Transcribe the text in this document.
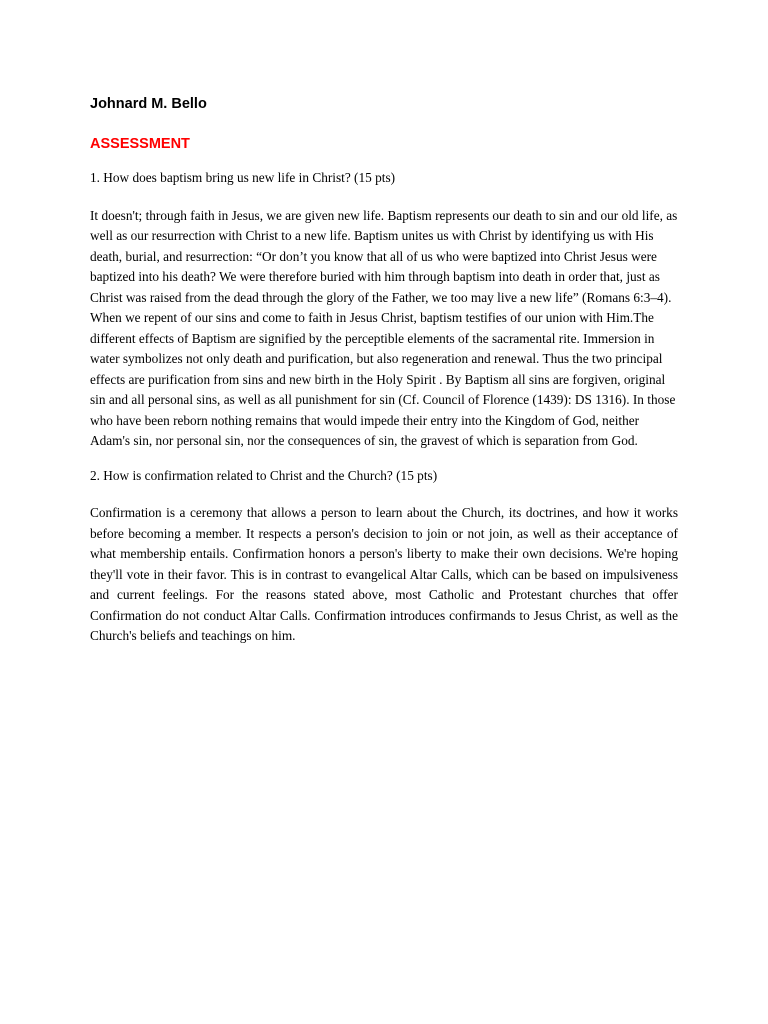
Johnard M. Bello

ASSESSMENT

1. How does baptism bring us new life in Christ? (15 pts)

It doesn't; through faith in Jesus, we are given new life. Baptism represents our death to sin and our old life, as well as our resurrection with Christ to a new life. Baptism unites us with Christ by identifying us with His death, burial, and resurrection: “Or don’t you know that all of us who were baptized into Christ Jesus were baptized into his death? We were therefore buried with him through baptism into death in order that, just as Christ was raised from the dead through the glory of the Father, we too may live a new life” (Romans 6:3–4). When we repent of our sins and come to faith in Jesus Christ, baptism testifies of our union with Him.The different effects of Baptism are signified by the perceptible elements of the sacramental rite. Immersion in water symbolizes not only death and purification, but also regeneration and renewal. Thus the two principal effects are purification from sins and new birth in the Holy Spirit . By Baptism all sins are forgiven, original sin and all personal sins, as well as all punishment for sin (Cf. Council of Florence (1439): DS 1316). In those who have been reborn nothing remains that would impede their entry into the Kingdom of God, neither Adam's sin, nor personal sin, nor the consequences of sin, the gravest of which is separation from God.

2. How is confirmation related to Christ and the Church? (15 pts)

Confirmation is a ceremony that allows a person to learn about the Church, its doctrines, and how it works before becoming a member. It respects a person's decision to join or not join, as well as their acceptance of what membership entails. Confirmation honors a person's liberty to make their own decisions. We're hoping they'll vote in their favor. This is in contrast to evangelical Altar Calls, which can be based on impulsiveness and current feelings. For the reasons stated above, most Catholic and Protestant churches that offer Confirmation do not conduct Altar Calls. Confirmation introduces confirmands to Jesus Christ, as well as the Church's beliefs and teachings on him.
